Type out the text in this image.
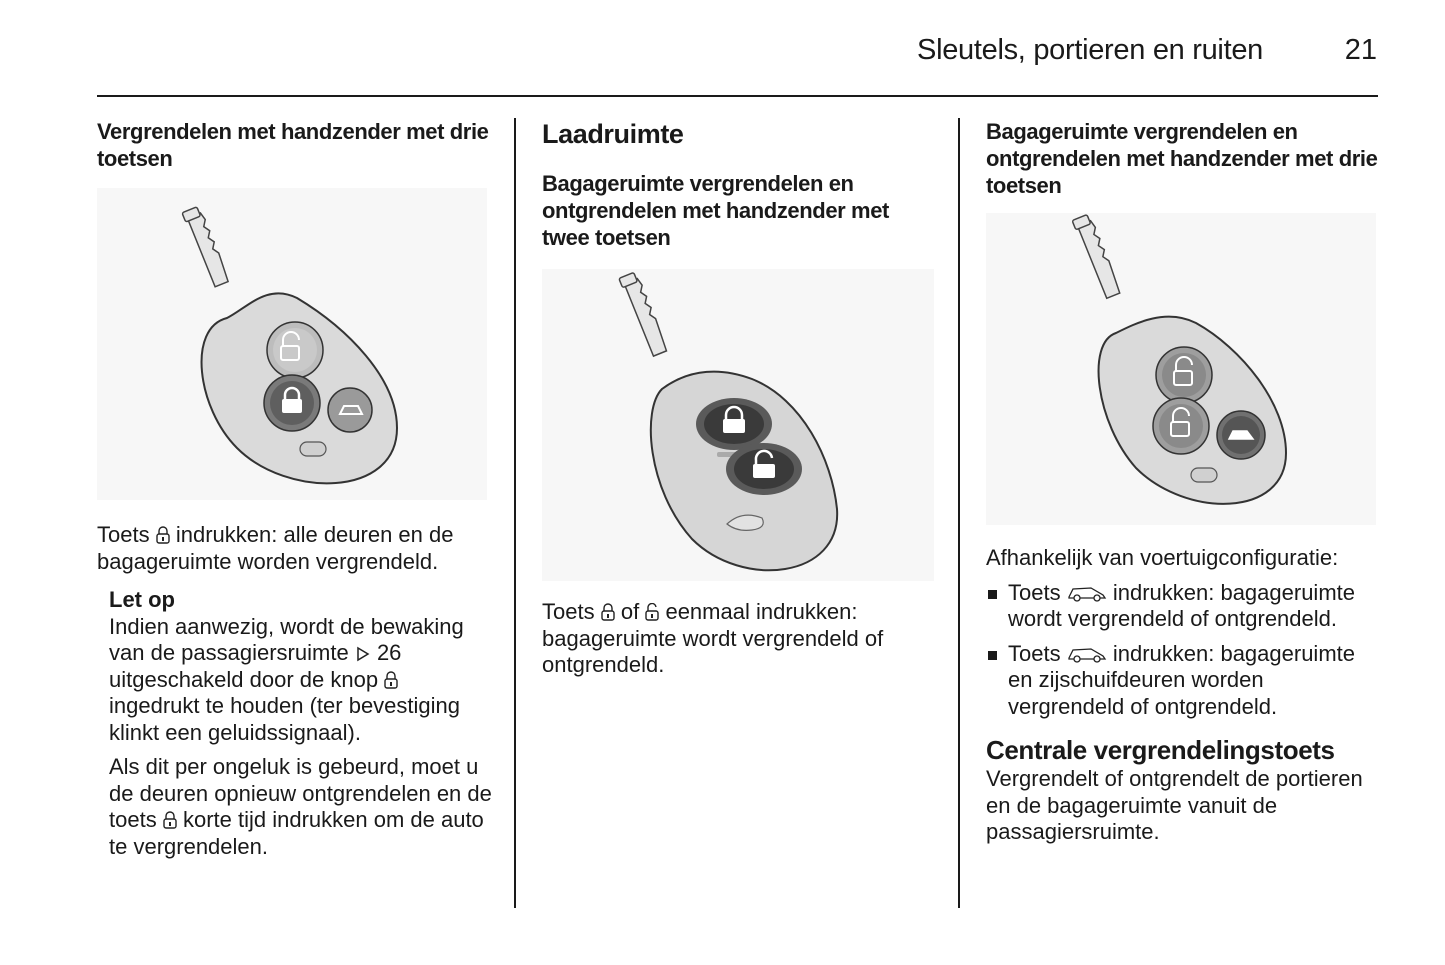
Sleutels, portieren en ruiten	21
Vergrendelen met handzender met drie toetsen
Toets indrukken: alle deuren en de bagageruimte worden vergrendeld.
Let op
Indien aanwezig, wordt de bewaking van de passagiersruimte 26 uitgeschakeld door de knop  ingedrukt te houden (ter bevestiging klinkt een geluidssignaal).
Als dit per ongeluk is gebeurd, moet u de deuren opnieuw ontgrendelen en de toets korte tijd indrukken om de auto te vergrendelen.
Laadruimte
Bagageruimte vergrendelen en ontgrendelen met handzender met twee toetsen
Toets of eenmaal indrukken: bagageruimte wordt vergrendeld of ontgrendeld.
Bagageruimte vergrendelen en ontgrendelen met handzender met drie toetsen
Afhankelijk van voertuigconfiguratie:
Toets indrukken: bagageruimte wordt vergrendeld of ontgrendeld.
Toets indrukken: bagageruimte en zijschuifdeuren worden vergrendeld of ontgrendeld.
Centrale vergrendelingstoets
Vergrendelt of ontgrendelt de portieren en de bagageruimte vanuit de passagiersruimte.
